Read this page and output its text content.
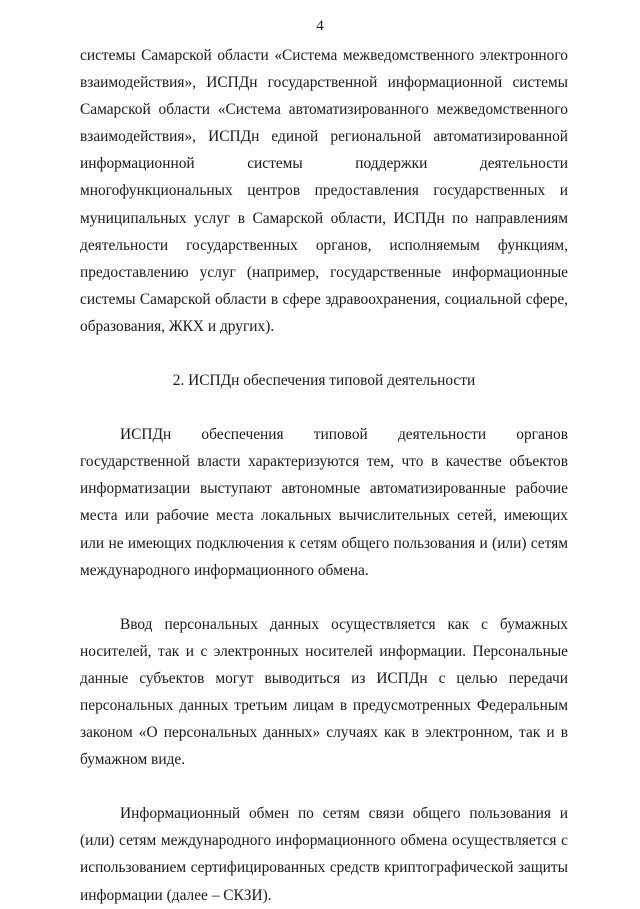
4

системы Самарской области «Система межведомственного электронного взаимодействия», ИСПДн государственной информационной системы Самарской области «Система автоматизированного межведомственного взаимодействия», ИСПДн единой региональной автоматизированной информационной системы поддержки деятельности многофункциональных центров предоставления государственных и муниципальных услуг в Самарской области, ИСПДн по направлениям деятельности государственных органов, исполняемым функциям, предоставлению услуг (например, государственные информационные системы Самарской области в сфере здравоохранения, социальной сфере, образования, ЖКХ и других).

2. ИСПДн обеспечения типовой деятельности

ИСПДн обеспечения типовой деятельности органов государственной власти характеризуются тем, что в качестве объектов информатизации выступают автономные автоматизированные рабочие места или рабочие места локальных вычислительных сетей, имеющих или не имеющих подключения к сетям общего пользования и (или) сетям международного информационного обмена.

Ввод персональных данных осуществляется как с бумажных носителей, так и с электронных носителей информации. Персональные данные субъектов могут выводиться из ИСПДн с целью передачи персональных данных третьим лицам в предусмотренных Федеральным законом «О персональных данных» случаях как в электронном, так и в бумажном виде.

Информационный обмен по сетям связи общего пользования и (или) сетям международного информационного обмена осуществляется с использованием сертифицированных средств криптографической защиты информации (далее – СКЗИ).
